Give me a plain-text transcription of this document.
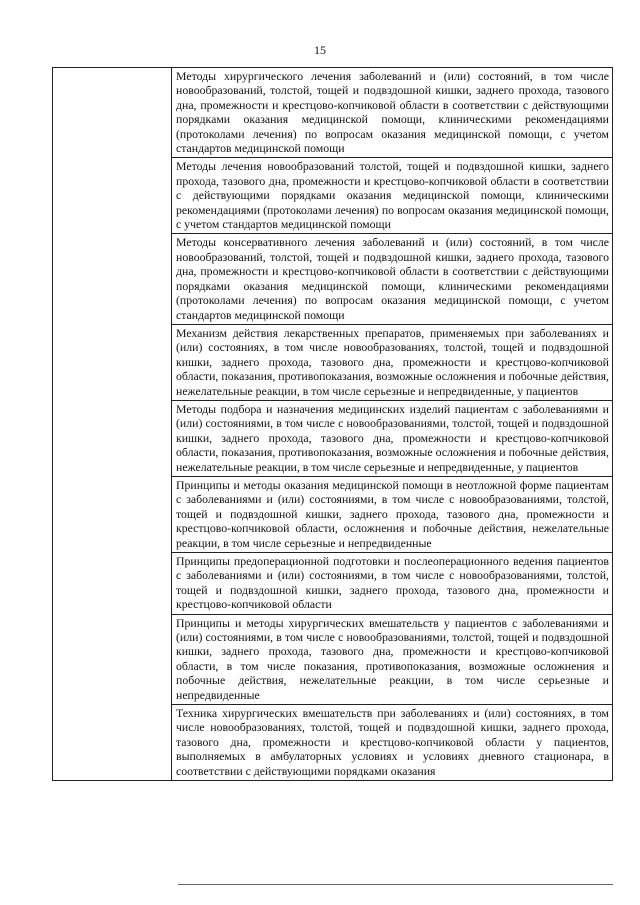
15
	Методы хирургического лечения заболеваний и (или) состояний, в том числе новообразований, толстой, тощей и подвздошной кишки, заднего прохода, тазового дна, промежности и крестцово-копчиковой области в соответствии с действующими порядками оказания медицинской помощи, клиническими рекомендациями (протоколами лечения) по вопросам оказания медицинской помощи, с учетом стандартов медицинской помощи
Методы лечения новообразований толстой, тощей и подвздошной кишки, заднего прохода, тазового дна, промежности и крестцово-копчиковой области в соответствии с действующими порядками оказания медицинской помощи, клиническими рекомендациями (протоколами лечения) по вопросам оказания медицинской помощи, с учетом стандартов медицинской помощи
Методы консервативного лечения заболеваний и (или) состояний, в том числе новообразований, толстой, тощей и подвздошной кишки, заднего прохода, тазового дна, промежности и крестцово-копчиковой области в соответствии с действующими порядками оказания медицинской помощи, клиническими рекомендациями (протоколами лечения) по вопросам оказания медицинской помощи, с учетом стандартов медицинской помощи
Механизм действия лекарственных препаратов, применяемых при заболеваниях и (или) состояниях, в том числе новообразованиях, толстой, тощей и подвздошной кишки, заднего прохода, тазового дна, промежности и крестцово-копчиковой области, показания, противопоказания, возможные осложнения и побочные действия, нежелательные реакции, в том числе серьезные и непредвиденные, у пациентов
Методы подбора и назначения медицинских изделий пациентам с заболеваниями и (или) состояниями, в том числе с новообразованиями, толстой, тощей и подвздошной кишки, заднего прохода, тазового дна, промежности и крестцово-копчиковой области, показания, противопоказания, возможные осложнения и побочные действия, нежелательные реакции, в том числе серьезные и непредвиденные, у пациентов
Принципы и методы оказания медицинской помощи в неотложной форме пациентам с заболеваниями и (или) состояниями, в том числе с новообразованиями, толстой, тощей и подвздошной кишки, заднего прохода, тазового дна, промежности и крестцово-копчиковой области, осложнения и побочные действия, нежелательные реакции, в том числе серьезные и непредвиденные
Принципы предоперационной подготовки и послеоперационного ведения пациентов с заболеваниями и (или) состояниями, в том числе с новообразованиями, толстой, тощей и подвздошной кишки, заднего прохода, тазового дна, промежности и крестцово-копчиковой области
Принципы и методы хирургических вмешательств у пациентов с заболеваниями и (или) состояниями, в том числе с новообразованиями, толстой, тощей и подвздошной кишки, заднего прохода, тазового дна, промежности и крестцово-копчиковой области, в том числе показания, противопоказания, возможные осложнения и побочные действия, нежелательные реакции, в том числе серьезные и непредвиденные
Техника хирургических вмешательств при заболеваниях и (или) состояниях, в том числе новообразованиях, толстой, тощей и подвздошной кишки, заднего прохода, тазового дна, промежности и крестцово-копчиковой области у пациентов, выполняемых в амбулаторных условиях и условиях дневного стационара, в соответствии с действующими порядками оказания
